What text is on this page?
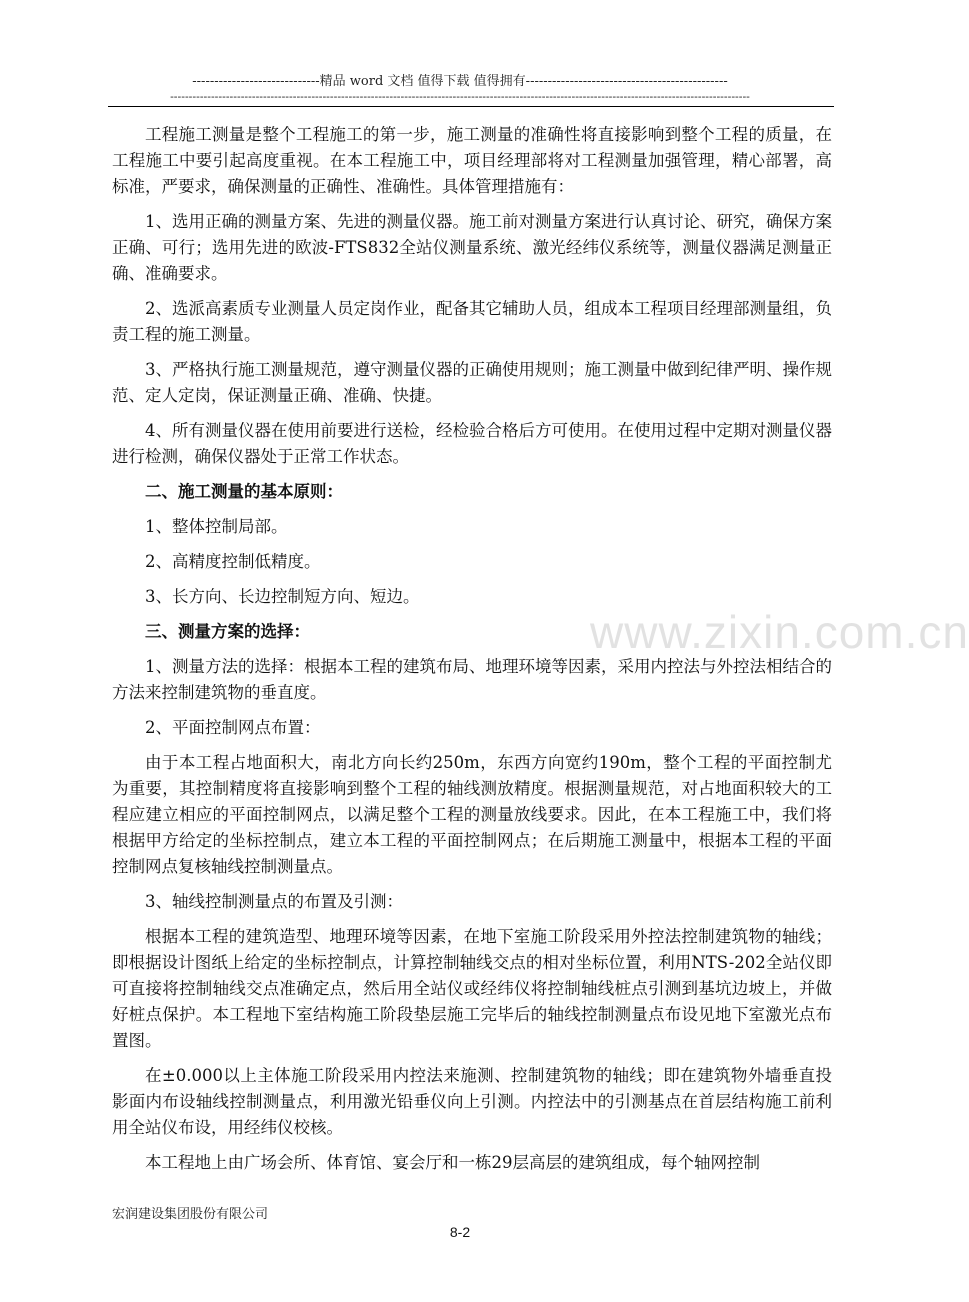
-----------------------------精品 word 文档 值得下载 值得拥有----------------------------------------------
------------------------------------------------------------------------------------------------------------------------------------------------------------
www.zixin.com.cn

工程施工测量是整个工程施工的第一步，施工测量的准确性将直接影响到整个工程的质量，在工程施工中要引起高度重视。在本工程施工中，项目经理部将对工程测量加强管理，精心部署，高标准，严要求，确保测量的正确性、准确性。具体管理措施有：

1、选用正确的测量方案、先进的测量仪器。施工前对测量方案进行认真讨论、研究，确保方案正确、可行；选用先进的欧波-FTS832全站仪测量系统、激光经纬仪系统等，测量仪器满足测量正确、准确要求。

2、选派高素质专业测量人员定岗作业，配备其它辅助人员，组成本工程项目经理部测量组，负责工程的施工测量。

3、严格执行施工测量规范，遵守测量仪器的正确使用规则；施工测量中做到纪律严明、操作规范、定人定岗，保证测量正确、准确、快捷。

4、所有测量仪器在使用前要进行送检，经检验合格后方可使用。在使用过程中定期对测量仪器进行检测，确保仪器处于正常工作状态。

二、施工测量的基本原则：

1、整体控制局部。

2、高精度控制低精度。

3、长方向、长边控制短方向、短边。

三、测量方案的选择：

1、测量方法的选择：根据本工程的建筑布局、地理环境等因素，采用内控法与外控法相结合的方法来控制建筑物的垂直度。

2、平面控制网点布置：

由于本工程占地面积大，南北方向长约250m，东西方向宽约190m，整个工程的平面控制尤为重要，其控制精度将直接影响到整个工程的轴线测放精度。根据测量规范，对占地面积较大的工程应建立相应的平面控制网点，以满足整个工程的测量放线要求。因此，在本工程施工中，我们将根据甲方给定的坐标控制点，建立本工程的平面控制网点；在后期施工测量中，根据本工程的平面控制网点复核轴线控制测量点。

3、轴线控制测量点的布置及引测：

根据本工程的建筑造型、地理环境等因素，在地下室施工阶段采用外控法控制建筑物的轴线；即根据设计图纸上给定的坐标控制点，计算控制轴线交点的相对坐标位置，利用NTS-202全站仪即可直接将控制轴线交点准确定点，然后用全站仪或经纬仪将控制轴线桩点引测到基坑边坡上，并做好桩点保护。本工程地下室结构施工阶段垫层施工完毕后的轴线控制测量点布设见地下室激光点布置图。

在±0.000以上主体施工阶段采用内控法来施测、控制建筑物的轴线；即在建筑物外墙垂直投影面内布设轴线控制测量点，利用激光铅垂仪向上引测。内控法中的引测基点在首层结构施工前利用全站仪布设，用经纬仪校核。

本工程地上由广场会所、体育馆、宴会厅和一栋29层高层的建筑组成，每个轴网控制

宏润建设集团股份有限公司
8-2
